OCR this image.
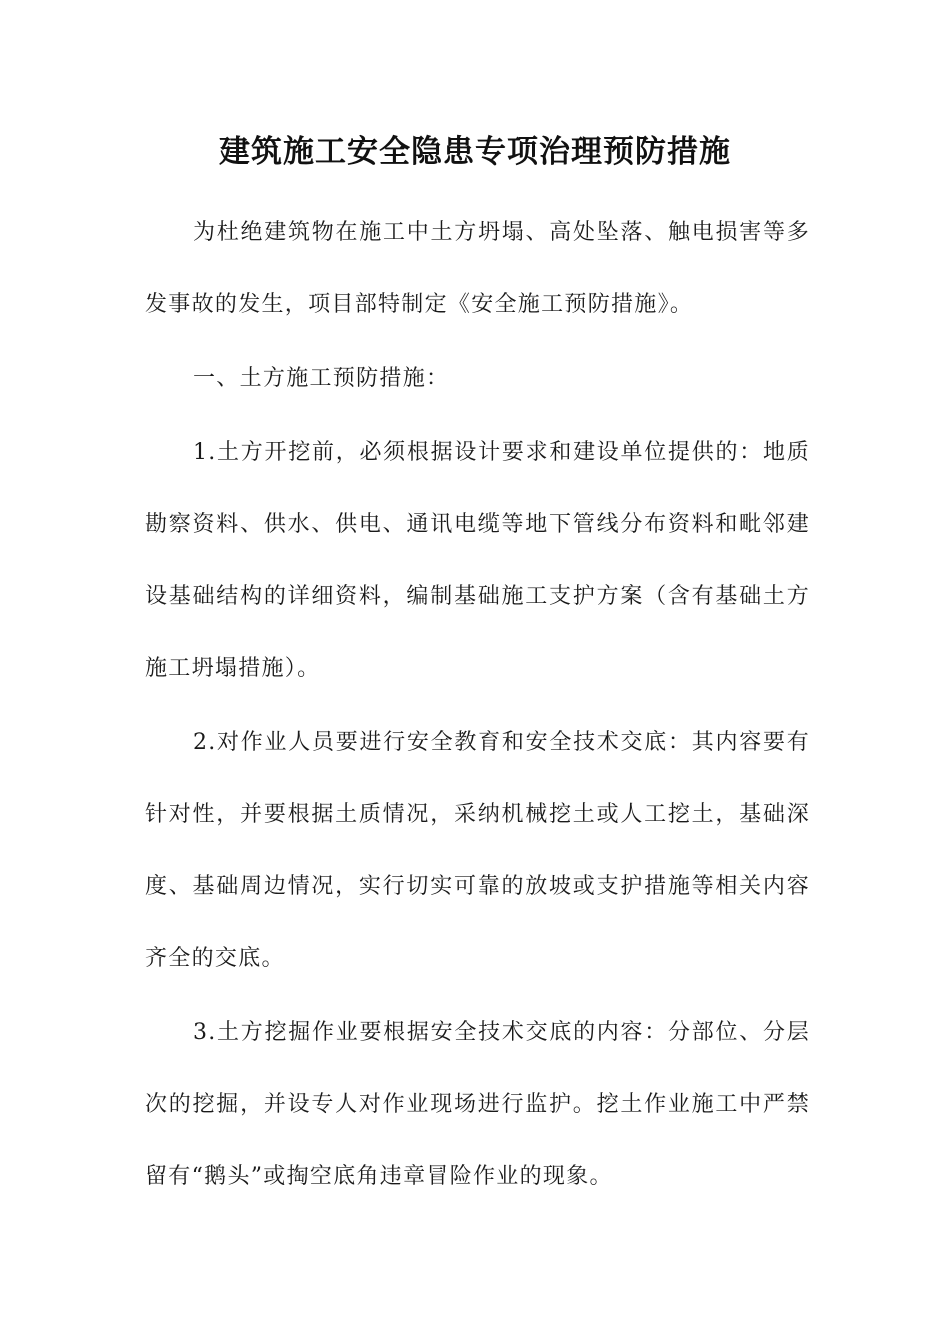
建筑施工安全隐患专项治理预防措施

为杜绝建筑物在施工中土方坍塌、高处坠落、触电损害等多发事故的发生，项目部特制定《安全施工预防措施》。

一、土方施工预防措施：

1.土方开挖前，必须根据设计要求和建设单位提供的：地质勘察资料、供水、供电、通讯电缆等地下管线分布资料和毗邻建设基础结构的详细资料，编制基础施工支护方案（含有基础土方施工坍塌措施）。

2.对作业人员要进行安全教育和安全技术交底：其内容要有针对性，并要根据土质情况，采纳机械挖土或人工挖土，基础深度、基础周边情况，实行切实可靠的放坡或支护措施等相关内容齐全的交底。

3.土方挖掘作业要根据安全技术交底的内容：分部位、分层次的挖掘，并设专人对作业现场进行监护。挖土作业施工中严禁留有“鹅头”或掏空底角违章冒险作业的现象。
